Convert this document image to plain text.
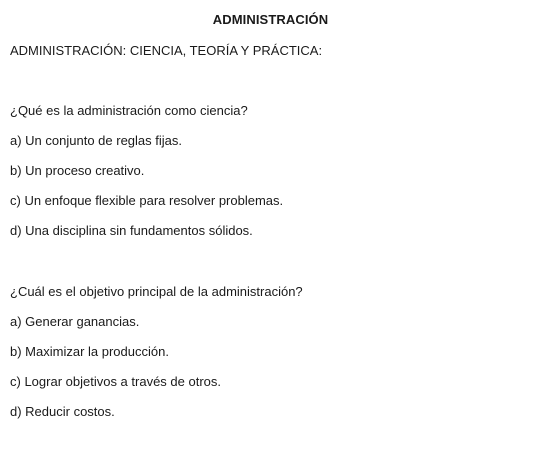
ADMINISTRACIÓN
ADMINISTRACIÓN: CIENCIA, TEORÍA Y PRÁCTICA:
¿Qué es la administración como ciencia?
a) Un conjunto de reglas fijas.
b) Un proceso creativo.
c) Un enfoque flexible para resolver problemas.
d) Una disciplina sin fundamentos sólidos.
¿Cuál es el objetivo principal de la administración?
a) Generar ganancias.
b) Maximizar la producción.
c) Lograr objetivos a través de otros.
d) Reducir costos.
